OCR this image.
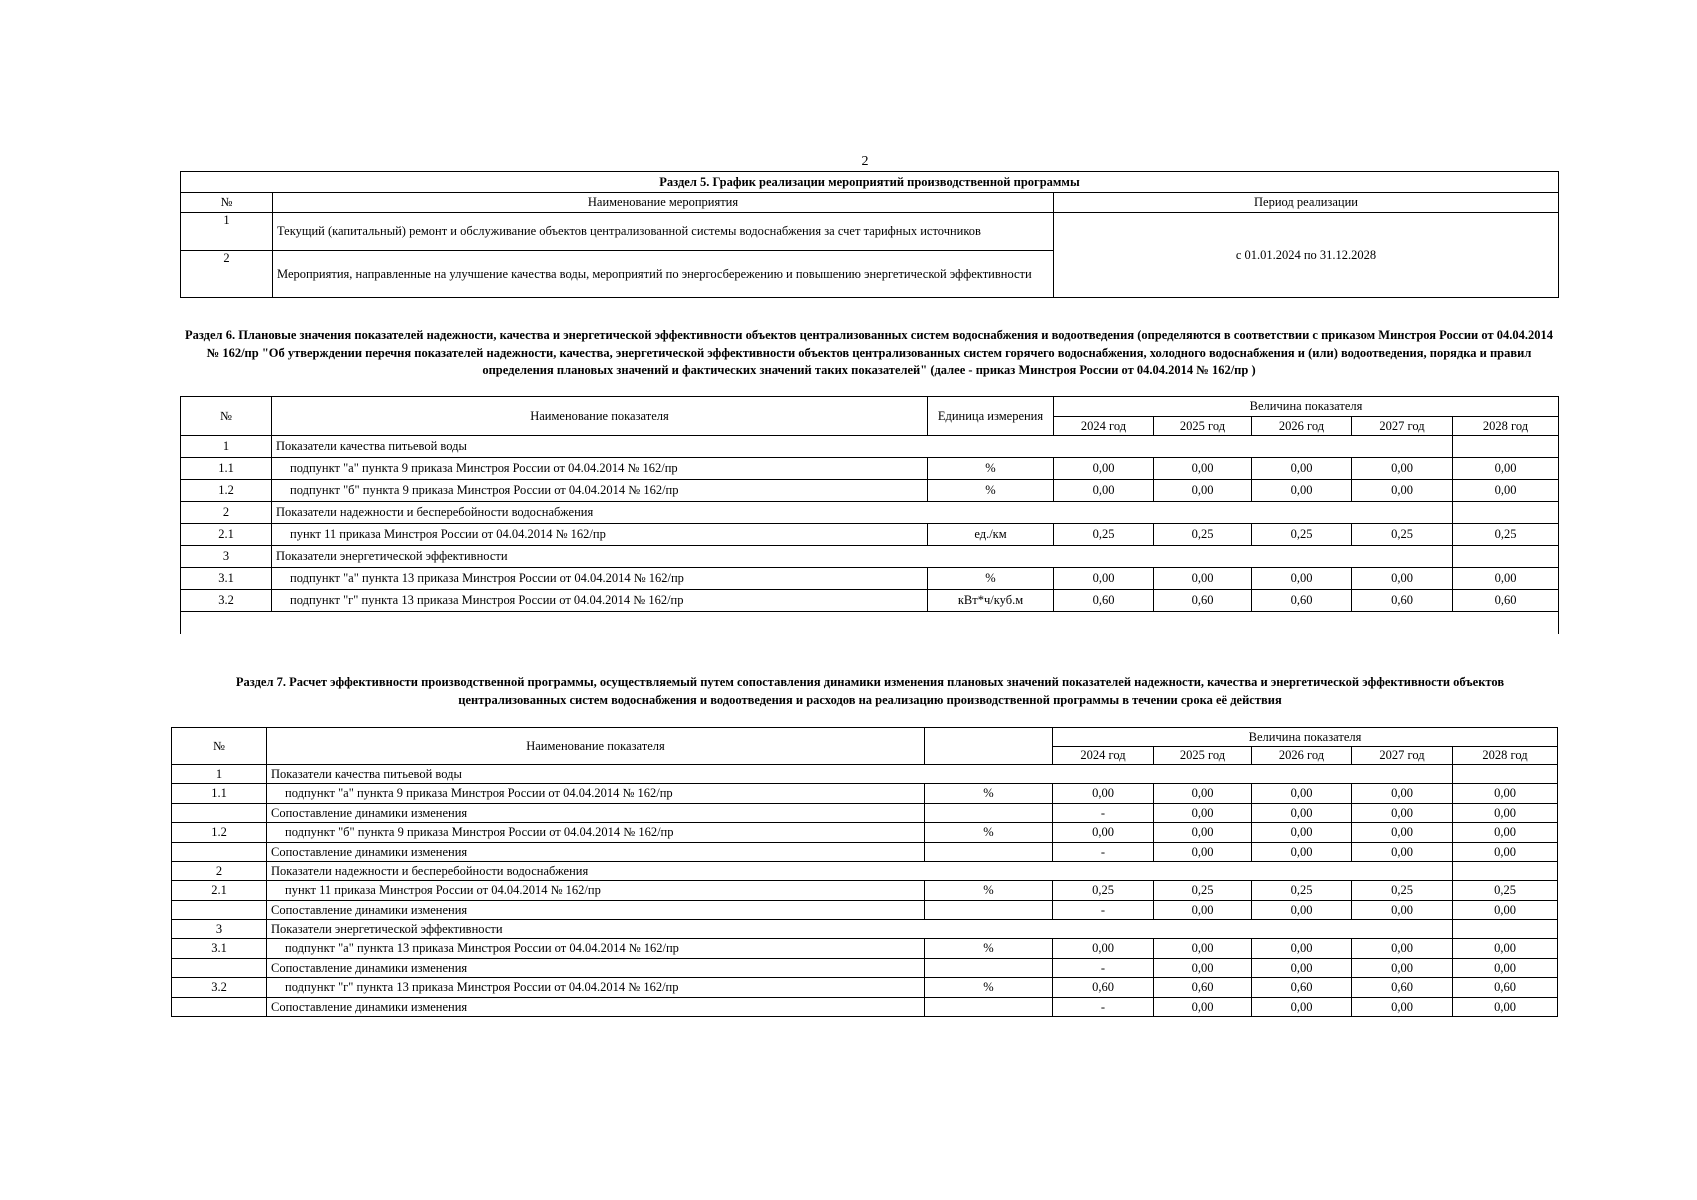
2
Раздел 5. График реализации мероприятий производственной программы		
№	Наименование мероприятия	Период реализации
1	Текущий (капитальный) ремонт и обслуживание объектов централизованной системы водоснабжения за счет тарифных источников	с 01.01.2024 по 31.12.2028
2	Мероприятия, направленные на улучшение качества воды, мероприятий по энергосбережению и повышению энергетической эффективности	
Раздел 6. Плановые значения показателей надежности, качества и энергетической эффективности объектов централизованных систем водоснабжения и водоотведения (определяются в соответствии с приказом Минстроя России от 04.04.2014 № 162/пр "Об утверждении перечня показателей надежности, качества, энергетической эффективности объектов централизованных систем горячего водоснабжения, холодного водоснабжения и (или) водоотведения, порядка и правил определения плановых значений и фактических значений таких показателей" (далее - приказ Минстроя России от 04.04.2014 № 162/пр )
№	Наименование показателя	Единица измерения	Величина показателя				
			2024 год	2025 год	2026 год	2027 год	2028 год
1	Показатели качества питьевой воды						
1.1	подпункт "а" пункта 9 приказа Минстроя России от 04.04.2014 № 162/пр	%	0,00	0,00	0,00	0,00	0,00
1.2	подпункт "б" пункта 9 приказа Минстроя России от 04.04.2014 № 162/пр	%	0,00	0,00	0,00	0,00	0,00
2	Показатели надежности и бесперебойности водоснабжения						
2.1	пункт 11 приказа Минстроя России от 04.04.2014 № 162/пр	ед./км	0,25	0,25	0,25	0,25	0,25
3	Показатели энергетической эффективности						
3.1	подпункт "а" пункта 13 приказа Минстроя России от 04.04.2014 № 162/пр	%	0,00	0,00	0,00	0,00	0,00
3.2	подпункт "г" пункта 13 приказа Минстроя России от 04.04.2014 № 162/пр	кВт*ч/куб.м	0,60	0,60	0,60	0,60	0,60

Раздел 7. Расчет эффективности производственной программы, осуществляемый путем сопоставления динамики изменения плановых значений показателей надежности, качества и энергетической эффективности объектов централизованных систем водоснабжения и водоотведения и расходов на реализацию производственной программы в течении срока её действия
№	Наименование показателя		Величина показателя				
			2024 год	2025 год	2026 год	2027 год	2028 год
1	Показатели качества питьевой воды						
1.1	подпункт "а" пункта 9 приказа Минстроя России от 04.04.2014 № 162/пр	%	0,00	0,00	0,00	0,00	0,00
	Сопоставление динамики изменения		-	0,00	0,00	0,00	0,00
1.2	подпункт "б" пункта 9 приказа Минстроя России от 04.04.2014 № 162/пр	%	0,00	0,00	0,00	0,00	0,00
	Сопоставление динамики изменения		-	0,00	0,00	0,00	0,00
2	Показатели надежности и бесперебойности водоснабжения						
2.1	пункт 11 приказа Минстроя России от 04.04.2014 № 162/пр	%	0,25	0,25	0,25	0,25	0,25
	Сопоставление динамики изменения		-	0,00	0,00	0,00	0,00
3	Показатели энергетической эффективности						
3.1	подпункт "а" пункта 13 приказа Минстроя России от 04.04.2014 № 162/пр	%	0,00	0,00	0,00	0,00	0,00
	Сопоставление динамики изменения		-	0,00	0,00	0,00	0,00
3.2	подпункт "г" пункта 13 приказа Минстроя России от 04.04.2014 № 162/пр	%	0,60	0,60	0,60	0,60	0,60
	Сопоставление динамики изменения		-	0,00	0,00	0,00	0,00
